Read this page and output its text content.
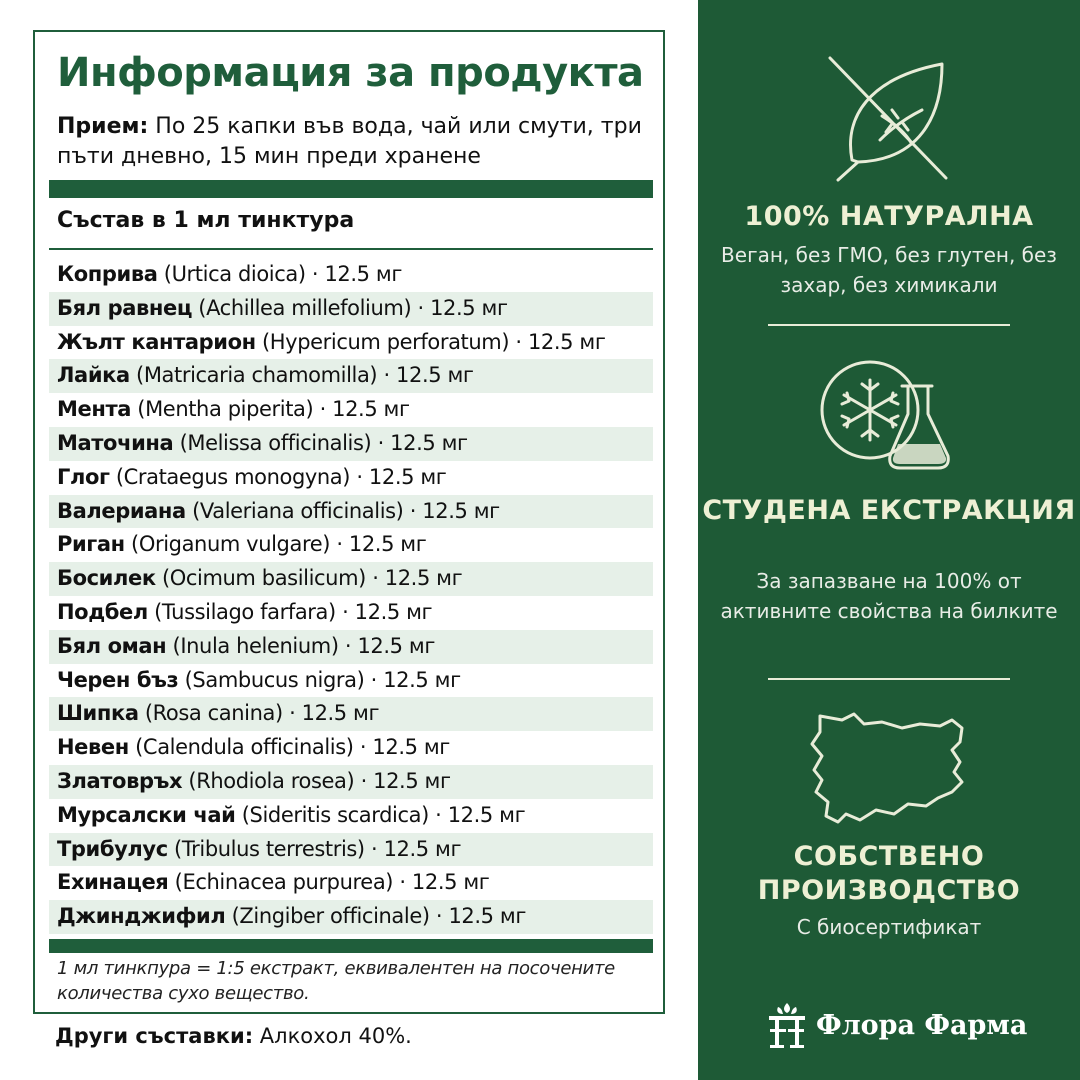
Информация за продукта
Прием: По 25 капки във вода, чай или смути, три пъти дневно, 15 мин преди хранене
Състав в 1 мл тинктура
Коприва (Urtica dioica) · 12.5 мг
Бял равнец (Achillea millefolium) · 12.5 мг
Жълт кантарион (Hypericum perforatum) · 12.5 мг
Лайка (Matricaria chamomilla) · 12.5 мг
Мента (Mentha piperita) · 12.5 мг
Маточина (Melissa officinalis) · 12.5 мг
Глог (Crataegus monogyna) · 12.5 мг
Валериана (Valeriana officinalis) · 12.5 мг
Риган (Origanum vulgare) · 12.5 мг
Босилек (Ocimum basilicum) · 12.5 мг
Подбел (Tussilago farfara) · 12.5 мг
Бял оман (Inula helenium) · 12.5 мг
Черен бъз (Sambucus nigra) · 12.5 мг
Шипка (Rosa canina) · 12.5 мг
Невен (Calendula officinalis) · 12.5 мг
Златовръх (Rhodiola rosea) · 12.5 мг
Мурсалски чай (Sideritis scardica) · 12.5 мг
Трибулус (Tribulus terrestris) · 12.5 мг
Ехинацея (Echinacea purpurea) · 12.5 мг
Джинджифил (Zingiber officinale) · 12.5 мг
1 мл тинкпура = 1:5 екстракт, еквивалентен на посочените количества сухо вещество.
Други съставки: Алкохол 40%.
100% НАТУРАЛНА
Веган, без ГМО, без глутен, без захар, без химикали
СТУДЕНА ЕКСТРАКЦИЯ
За запазване на 100% от активните свойства на билките
СОБСТВЕНО ПРОИЗВОДСТВО
С биосертификат
Флора Фарма
